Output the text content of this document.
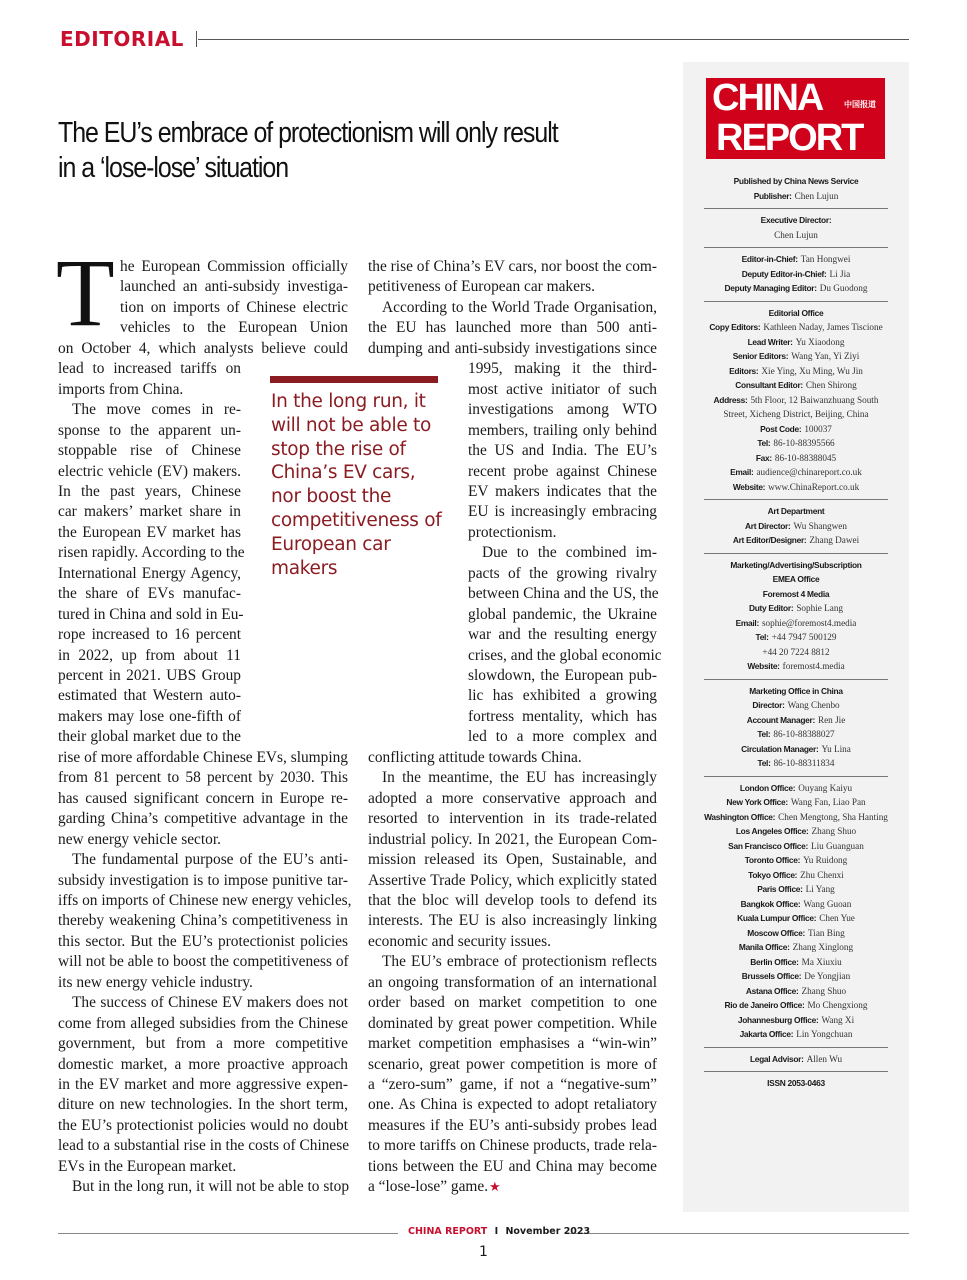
EDITORIAL
The EU’s embrace of protectionism will only result in a ‘lose-lose’ situation
T he European Commission officially
launched an anti-subsidy investiga-
tion on imports of Chinese electric
vehicles to the European Union
on October 4, which analysts believe could
lead to increased tariffs on
imports from China.
The move comes in re-
sponse to the apparent un-
stoppable rise of Chinese
electric vehicle (EV) makers.
In the past years, Chinese
car makers’ market share in
the European EV market has
risen rapidly. According to the
International Energy Agency,
the share of EVs manufac-
tured in China and sold in Eu-
rope increased to 16 percent
in 2022, up from about 11
percent in 2021. UBS Group
estimated that Western auto-
makers may lose one-fifth of
their global market due to the
rise of more affordable Chinese EVs, slumping
from 81 percent to 58 percent by 2030. This
has caused significant concern in Europe re-
garding China’s competitive advantage in the
new energy vehicle sector.
The fundamental purpose of the EU’s anti-
subsidy investigation is to impose punitive tar-
iffs on imports of Chinese new energy vehicles,
thereby weakening China’s competitiveness in
this sector. But the EU’s protectionist policies
will not be able to boost the competitiveness of
its new energy vehicle industry.
The success of Chinese EV makers does not
come from alleged subsidies from the Chinese
government, but from a more competitive
domestic market, a more proactive approach
in the EV market and more aggressive expen-
diture on new technologies. In the short term,
the EU’s protectionist policies would no doubt
lead to a substantial rise in the costs of Chinese
EVs in the European market.
But in the long run, it will not be able to stop
the rise of China’s EV cars, nor boost the com-
petitiveness of European car makers.
According to the World Trade Organisation,
the EU has launched more than 500 anti-
dumping and anti-subsidy investigations since
1995, making it the third-
most active initiator of such
investigations among WTO
members, trailing only behind
the US and India. The EU’s
recent probe against Chinese
EV makers indicates that the
EU is increasingly embracing
protectionism.
Due to the combined im-
pacts of the growing rivalry
between China and the US, the
global pandemic, the Ukraine
war and the resulting energy
crises, and the global economic
slowdown, the European pub-
lic has exhibited a growing
fortress mentality, which has
led to a more complex and
conflicting attitude towards China.
In the meantime, the EU has increasingly
adopted a more conservative approach and
resorted to intervention in its trade-related
industrial policy. In 2021, the European Com-
mission released its Open, Sustainable, and
Assertive Trade Policy, which explicitly stated
that the bloc will develop tools to defend its
interests. The EU is also increasingly linking
economic and security issues.
The EU’s embrace of protectionism reflects
an ongoing transformation of an international
order based on market competition to one
dominated by great power competition. While
market competition emphasises a “win-win”
scenario, great power competition is more of
a “zero-sum” game, if not a “negative-sum”
one. As China is expected to adopt retaliatory
measures if the EU’s anti-subsidy probes lead
to more tariffs on Chinese products, trade rela-
tions between the EU and China may become
a “lose-lose” game. ★
In the long run, it will not be able to stop the rise of China’s EV cars, nor boost the competitiveness of European car makers
CHINA	中国报道
REPORT
Published by China News Service
Publisher: Chen Lujun
Executive Director:
Chen Lujun
Editor-in-Chief: Tan Hongwei
Deputy Editor-in-Chief: Li Jia
Deputy Managing Editor: Du Guodong
Editorial Office
Copy Editors: Kathleen Naday, James Tiscione
Lead Writer: Yu Xiaodong
Senior Editors: Wang Yan, Yi Ziyi
Editors: Xie Ying, Xu Ming, Wu Jin
Consultant Editor: Chen Shirong
Address: 5th Floor, 12 Baiwanzhuang South
Street, Xicheng District, Beijing, China
Post Code: 100037
Tel: 86-10-88395566
Fax: 86-10-88388045
Email: audience@chinareport.co.uk
Website: www.ChinaReport.co.uk
Art Department
Art Director: Wu Shangwen
Art Editor/Designer: Zhang Dawei
Marketing/Advertising/Subscription
EMEA Office
Foremost 4 Media
Duty Editor: Sophie Lang
Email: sophie@foremost4.media
Tel: +44 7947 500129
+44 20 7224 8812
Website: foremost4.media
Marketing Office in China
Director: Wang Chenbo
Account Manager: Ren Jie
Tel: 86-10-88388027
Circulation Manager: Yu Lina
Tel: 86-10-88311834
London Office: Ouyang Kaiyu
New York Office: Wang Fan, Liao Pan
Washington Office: Chen Mengtong, Sha Hanting
Los Angeles Office: Zhang Shuo
San Francisco Office: Liu Guanguan
Toronto Office: Yu Ruidong
Tokyo Office: Zhu Chenxi
Paris Office: Li Yang
Bangkok Office: Wang Guoan
Kuala Lumpur Office: Chen Yue
Moscow Office: Tian Bing
Manila Office: Zhang Xinglong
Berlin Office: Ma Xiuxiu
Brussels Office: De Yongjian
Astana Office: Zhang Shuo
Rio de Janeiro Office: Mo Chengxiong
Johannesburg Office: Wang Xi
Jakarta Office: Lin Yongchuan
Legal Advisor: Allen Wu
ISSN 2053-0463
CHINA REPORT I November 2023
1
